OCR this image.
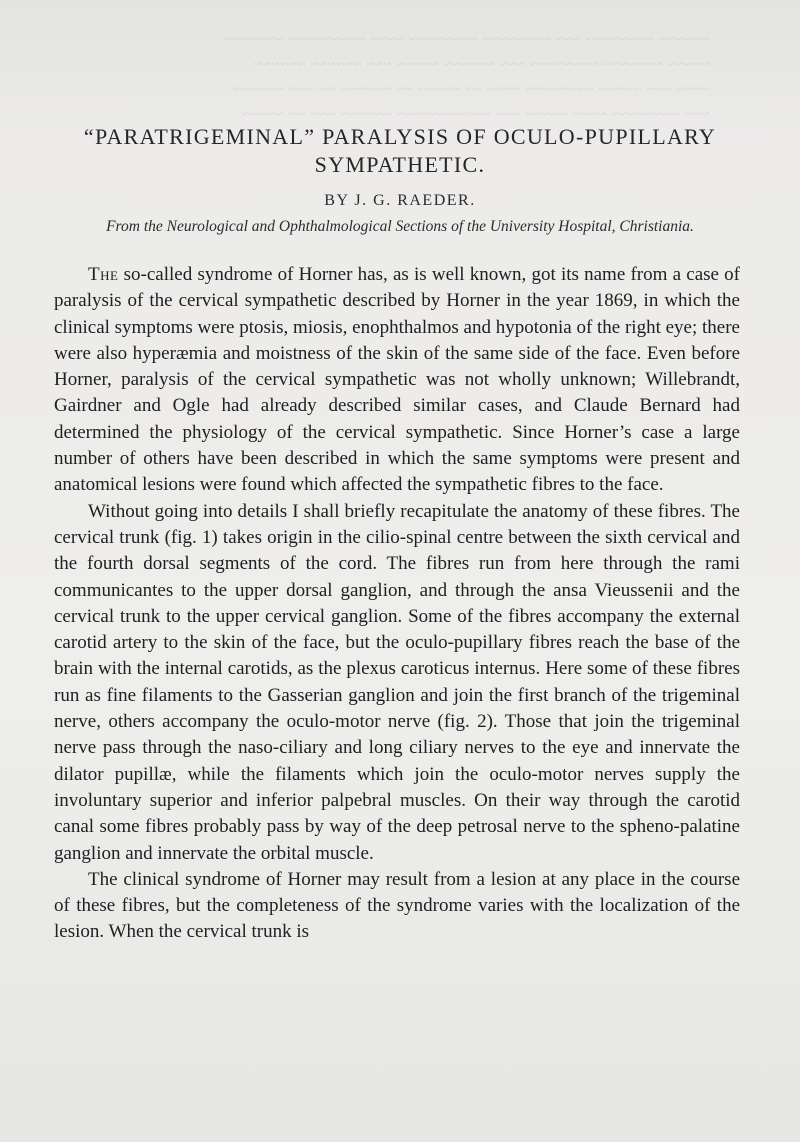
~~~~~~ ~~~~~~~~ ~~~ ~~~~~~~~ ~~~~~~~~ ~~~~ ~~~~~~~~~ ~~~~~~~
~~~~~ ~~~~~~~ ~~~~~~~~ ~~~ ~~~~~~ ~~~~~ ~~~ ~~~~~~ ~~~~~~
~~~~ ~~~ ~~~~~ ~~~~~~~~ ~~~~ ~~ ~~~~~ ~~ ~~~~~~ ~~ ~~~ ~~~~~~
~~~ ~~~~~~~~ ~~~~ ~~~~~ ~~~ ~~~~~~~~~~~ ~~~~~~ ~~~ ~~ ~~~~~
“PARATRIGEMINAL” PARALYSIS OF OCULO-PUPILLARY SYMPATHETIC.
BY J. G. RAEDER.
From the Neurological and Ophthalmological Sections of the University Hospital, Christiania.

The so-called syndrome of Horner has, as is well known, got its name from a case of paralysis of the cervical sympathetic described by Horner in the year 1869, in which the clinical symptoms were ptosis, miosis, enophthalmos and hypotonia of the right eye; there were also hyperæmia and moistness of the skin of the same side of the face. Even before Horner, paralysis of the cervical sympathetic was not wholly unknown; Willebrandt, Gairdner and Ogle had already described similar cases, and Claude Bernard had determined the physiology of the cervical sympathetic. Since Horner’s case a large number of others have been described in which the same symptoms were present and anatomical lesions were found which affected the sympathetic fibres to the face.

Without going into details I shall briefly recapitulate the anatomy of these fibres. The cervical trunk (fig. 1) takes origin in the cilio-spinal centre between the sixth cervical and the fourth dorsal segments of the cord. The fibres run from here through the rami communicantes to the upper dorsal ganglion, and through the ansa Vieussenii and the cervical trunk to the upper cervical ganglion. Some of the fibres accompany the external carotid artery to the skin of the face, but the oculo-pupillary fibres reach the base of the brain with the internal carotids, as the plexus caroticus internus. Here some of these fibres run as fine filaments to the Gasserian ganglion and join the first branch of the trigeminal nerve, others accompany the oculo-motor nerve (fig. 2). Those that join the trigeminal nerve pass through the naso-ciliary and long ciliary nerves to the eye and innervate the dilator pupillæ, while the filaments which join the oculo-motor nerves supply the involuntary superior and inferior palpebral muscles. On their way through the carotid canal some fibres probably pass by way of the deep petrosal nerve to the spheno-palatine ganglion and innervate the orbital muscle.

The clinical syndrome of Horner may result from a lesion at any place in the course of these fibres, but the completeness of the syndrome varies with the localization of the lesion. When the cervical trunk is
